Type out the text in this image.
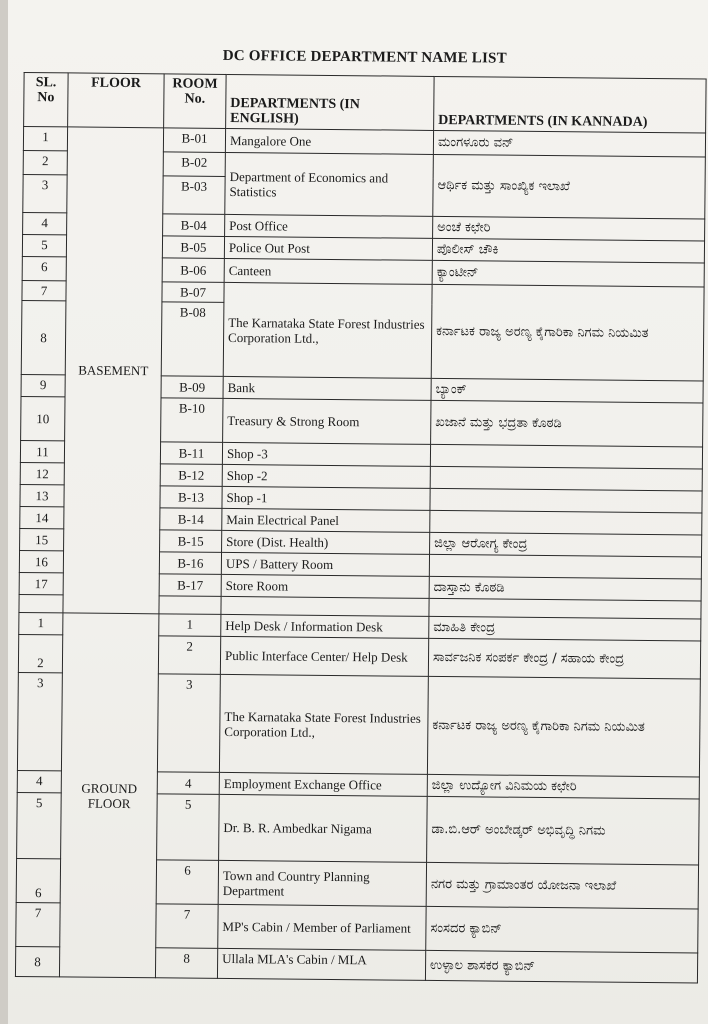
DC OFFICE DEPARTMENT NAME LIST
SL. No	FLOOR	ROOM No.	DEPARTMENTS (IN ENGLISH)	DEPARTMENTS (IN KANNADA)
1	BASEMENT	B-01	Mangalore One	ಮಂಗಳೂರು ವನ್
2		B-02	Department of Economics and Statistics	ಆರ್ಥಿಕ ಮತ್ತು ಸಾಂಖ್ಯಿಕ ಇಲಾಖೆ
3		B-03		
4		B-04	Post Office	ಅಂಚೆ ಕಛೇರಿ
5		B-05	Police Out Post	ಪೊಲೀಸ್ ಚೌಕಿ
6		B-06	Canteen	ಕ್ಯಾಂಟೀನ್
7		B-07	The Karnataka State Forest Industries Corporation Ltd.,	ಕರ್ನಾಟಕ ರಾಜ್ಯ ಅರಣ್ಯ ಕೈಗಾರಿಕಾ ನಿಗಮ ನಿಯಮಿತ
8		B-08		
9		B-09	Bank	ಬ್ಯಾಂಕ್
10		B-10	Treasury & Strong Room	ಖಜಾನೆ ಮತ್ತು ಭದ್ರತಾ ಕೊಠಡಿ
11		B-11	Shop -3	
12		B-12	Shop -2	
13		B-13	Shop -1	
14		B-14	Main Electrical Panel	
15		B-15	Store (Dist. Health)	ಜಿಲ್ಲಾ ಆರೋಗ್ಯ ಕೇಂದ್ರ
16		B-16	UPS / Battery Room	
17		B-17	Store Room	ದಾಸ್ತಾನು ಕೊಠಡಿ

1	GROUND FLOOR	1	Help Desk / Information Desk	ಮಾಹಿತಿ ಕೇಂದ್ರ
2		2	Public Interface Center/ Help Desk	ಸಾರ್ವಜನಿಕ ಸಂಪರ್ಕ ಕೇಂದ್ರ / ಸಹಾಯ ಕೇಂದ್ರ
3		3	The Karnataka State Forest Industries Corporation Ltd.,	ಕರ್ನಾಟಕ ರಾಜ್ಯ ಅರಣ್ಯ ಕೈಗಾರಿಕಾ ನಿಗಮ ನಿಯಮಿತ
4		4	Employment Exchange Office	ಜಿಲ್ಲಾ ಉದ್ಯೋಗ ವಿನಿಮಯ ಕಛೇರಿ
5		5	Dr. B. R. Ambedkar Nigama	ಡಾ.ಬಿ.ಆರ್ ಅಂಬೇಡ್ಕರ್ ಅಭಿವೃದ್ಧಿ ನಿಗಮ
6		6	Town and Country Planning Department	ನಗರ ಮತ್ತು ಗ್ರಾಮಾಂತರ ಯೋಜನಾ ಇಲಾಖೆ
7		7	MP's Cabin / Member of Parliament	ಸಂಸದರ ಕ್ಯಾಬಿನ್
8		8	Ullala MLA's Cabin / MLA	ಉಳ್ಳಾಲ ಶಾಸಕರ ಕ್ಯಾಬಿನ್
